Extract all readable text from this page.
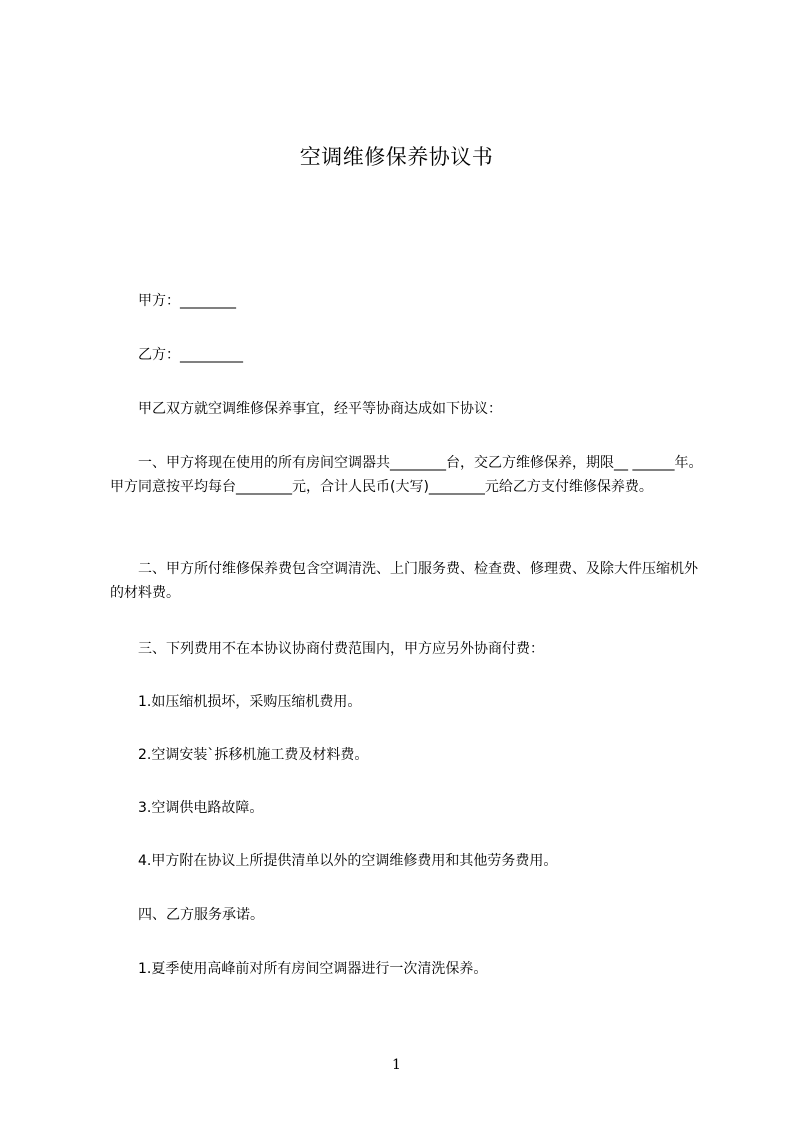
空调维修保养协议书

　　甲方：________

　　乙方：_________

　　甲乙双方就空调维修保养事宜，经平等协商达成如下协议：

　　一、甲方将现在使用的所有房间空调器共________台，交乙方维修保养，期限__ ______年。甲方同意按平均每台________元，合计人民币(大写)________元给乙方支付维修保养费。

　　二、甲方所付维修保养费包含空调清洗、上门服务费、检查费、修理费、及除大件压缩机外的材料费。

　　三、下列费用不在本协议协商付费范围内，甲方应另外协商付费：

　　1.如压缩机损坏，采购压缩机费用。

　　2.空调安装`拆移机施工费及材料费。

　　3.空调供电路故障。

　　4.甲方附在协议上所提供清单以外的空调维修费用和其他劳务费用。

　　四、乙方服务承诺。

　　1.夏季使用高峰前对所有房间空调器进行一次清洗保养。

1
